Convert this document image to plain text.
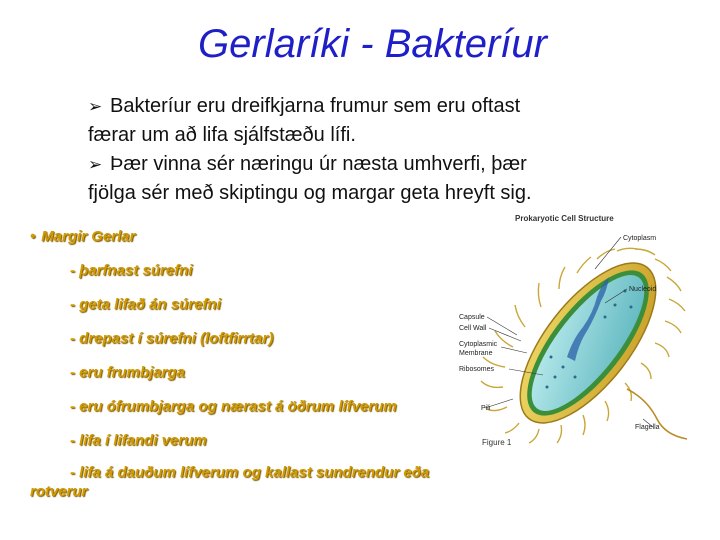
Gerlaríki - Bakteríur

➢ Bakteríur eru dreifkjarna frumur sem eru oftast
færar um að lifa sjálfstæðu lífi.

➢ Þær vinna sér næringu úr næsta umhverfi, þær
fjölga sér með skiptingu og margar geta hreyft sig.

• Margir Gerlar
- þarfnast súrefni
- geta lifað án súrefni
- drepast í súrefni (loftfirrtar)
- eru frumbjarga
- eru ófrumbjarga og nærast á öðrum lífverum
- lifa í lifandi verum
- lifa á dauðum lífverum og kallast sundrendur eða
rotverur
Prokaryotic Cell Structure
Cytoplasm
Nucleoid
Capsule
Cell Wall
Cytoplasmic
Membrane
Ribosomes
Pili
Flagella
Figure 1
